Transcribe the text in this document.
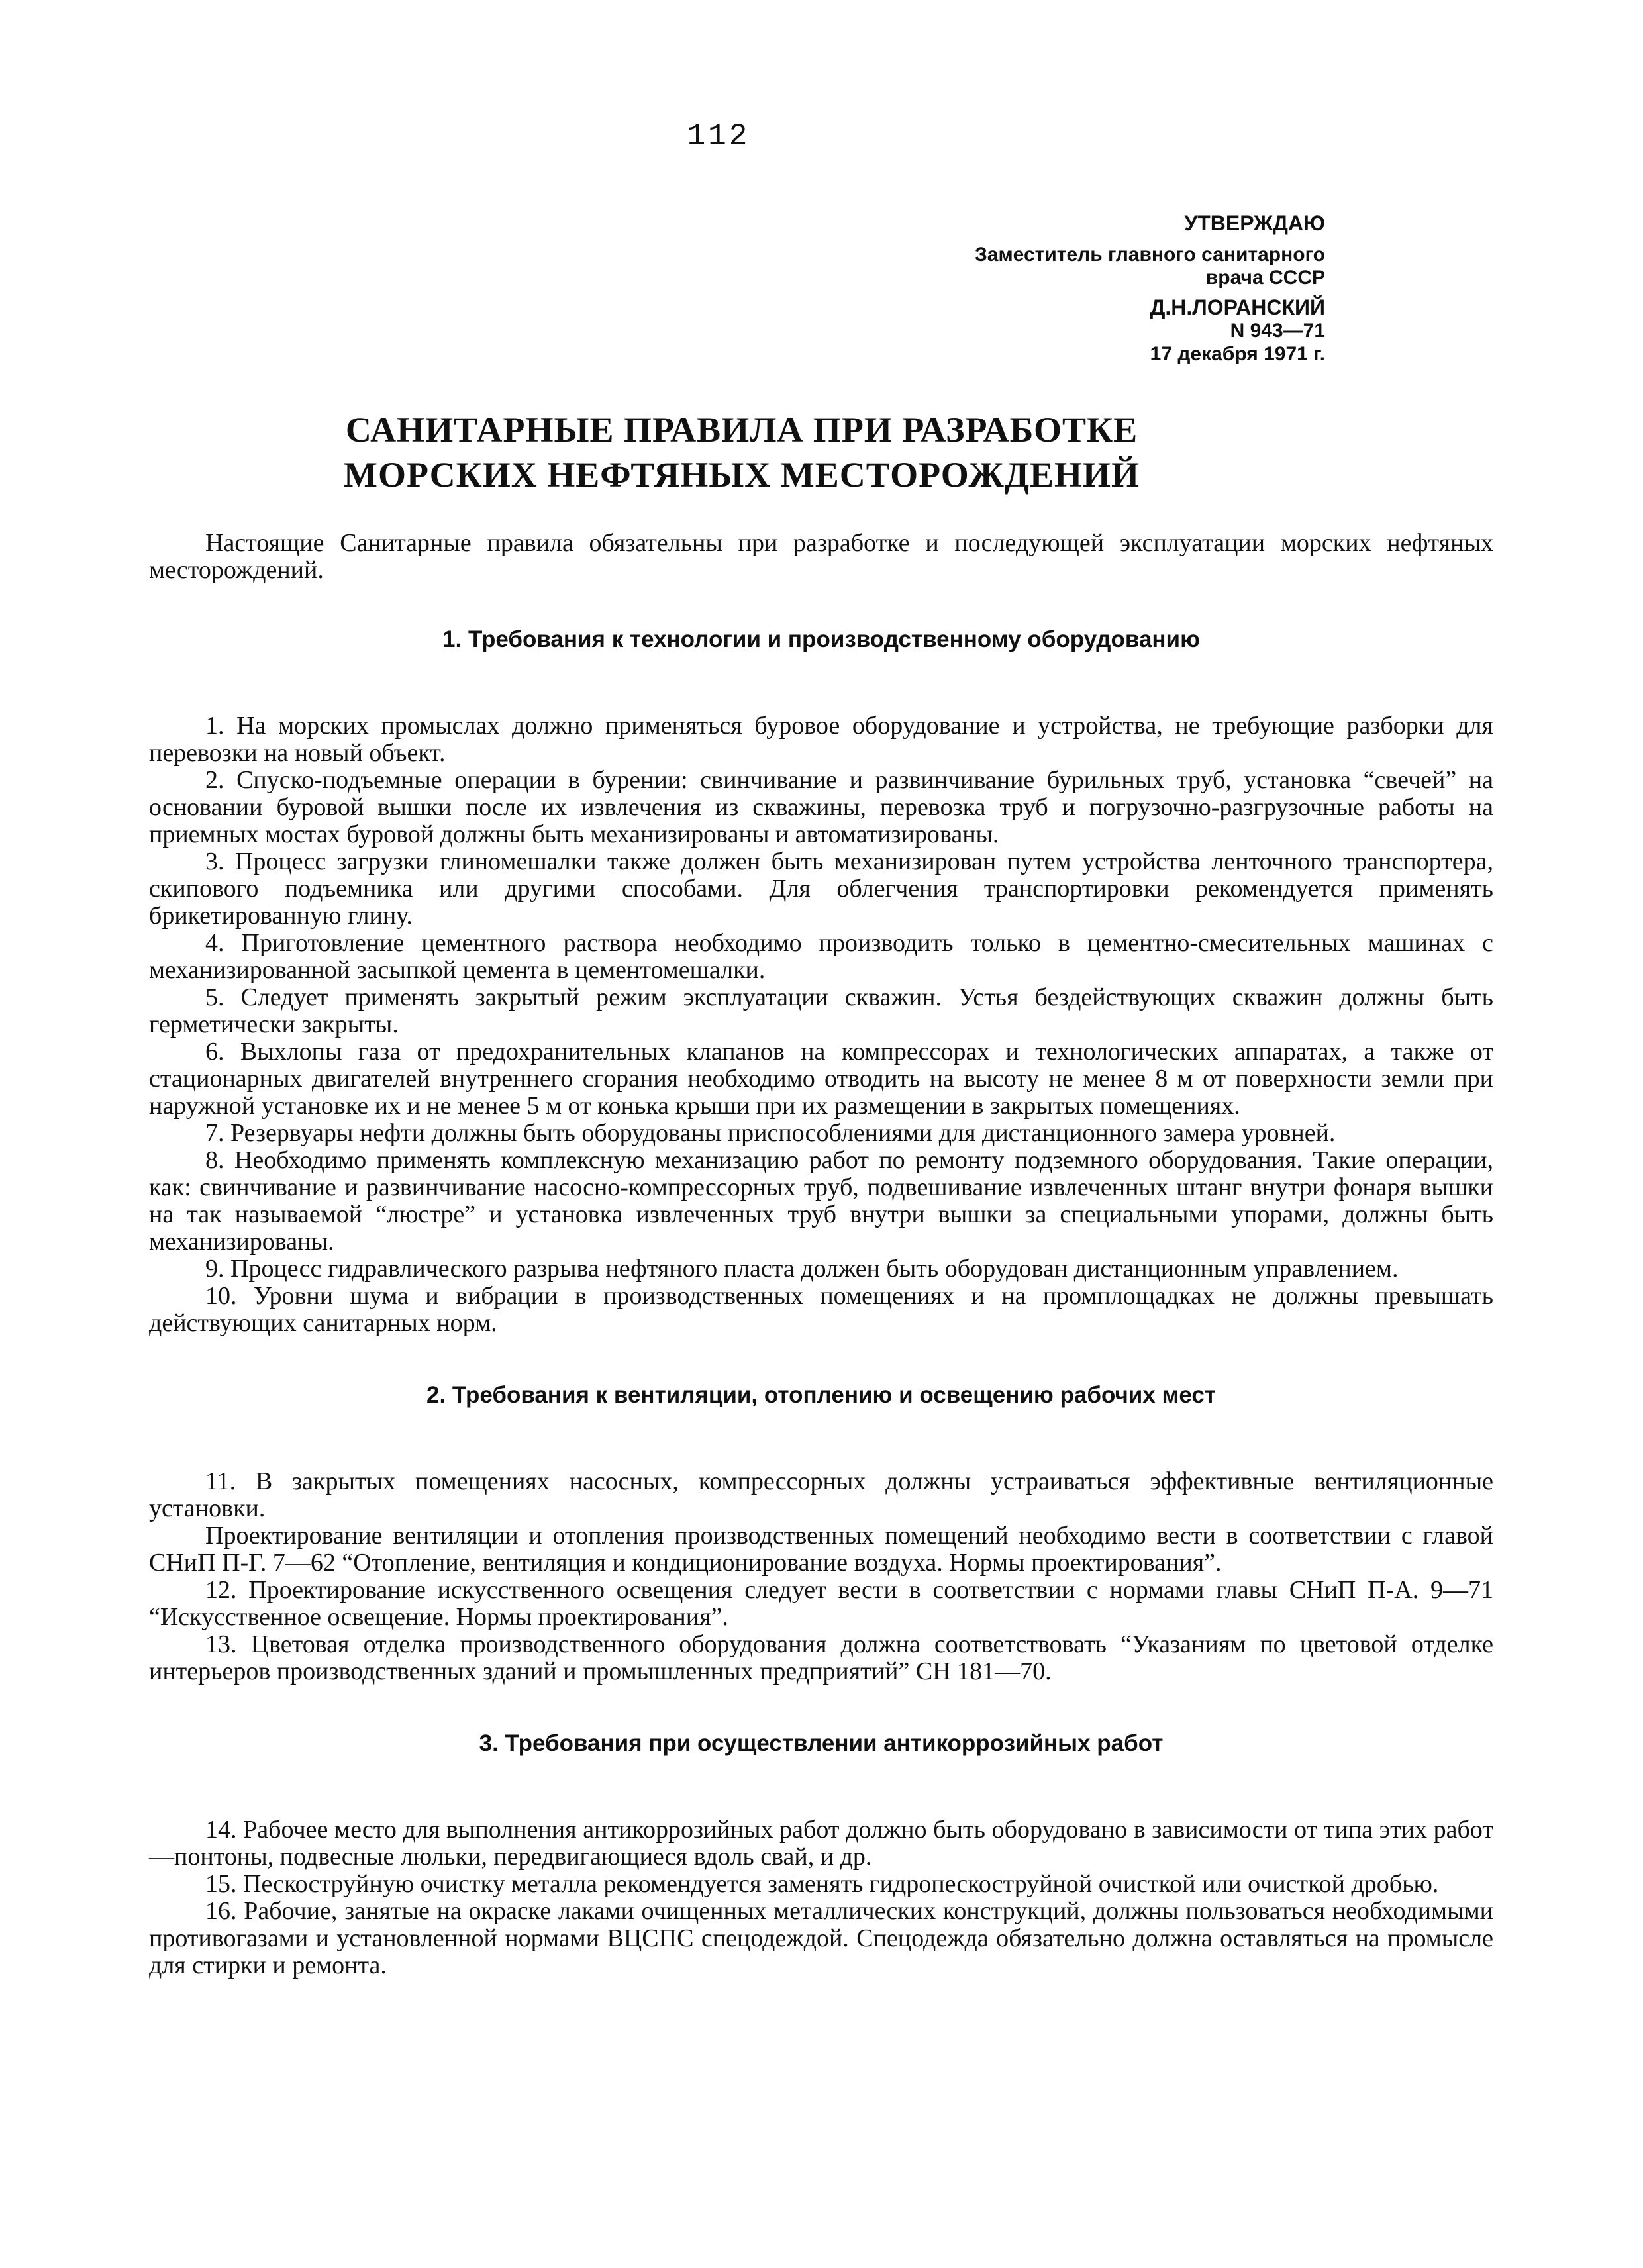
112
УТВЕРЖДАЮ
Заместитель главного санитарного
врача СССР
Д.Н.ЛОРАНСКИЙ
N 943—71
17 декабря 1971 г.
САНИТАРНЫЕ ПРАВИЛА ПРИ РАЗРАБОТКЕ
МОРСКИХ НЕФТЯНЫХ МЕСТОРОЖДЕНИЙ

Настоящие Санитарные правила обязательны при разработке и последующей эксплуатации морских нефтяных месторождений.

1. Требования к технологии и производственному оборудованию

1. На морских промыслах должно применяться буровое оборудование и устройства, не требующие разборки для перевозки на новый объект.

2. Спуско-подъемные операции в бурении: свинчивание и развинчивание бурильных труб, установка “свечей” на основании буровой вышки после их извлечения из скважины, перевозка труб и погрузочно-разгрузочные работы на приемных мостах буровой должны быть механизированы и автоматизированы.

3. Процесс загрузки глиномешалки также должен быть механизирован путем устройства ленточного транспортера, скипового подъемника или другими способами. Для облегчения транспортировки рекомендуется применять брикетированную глину.

4. Приготовление цементного раствора необходимо производить только в цементно-смесительных машинах с механизированной засыпкой цемента в цементомешалки.

5. Следует применять закрытый режим эксплуатации скважин. Устья бездействующих скважин должны быть герметически закрыты.

6. Выхлопы газа от предохранительных клапанов на компрессорах и технологических аппаратах, а также от стационарных двигателей внутреннего сгорания необходимо отводить на высоту не менее 8 м от поверхности земли при наружной установке их и не менее 5 м от конька крыши при их размещении в закрытых помещениях.

7. Резервуары нефти должны быть оборудованы приспособлениями для дистанционного замера уровней.

8. Необходимо применять комплексную механизацию работ по ремонту подземного оборудования. Такие операции, как: свинчивание и развинчивание насосно-компрессорных труб, подвешивание извлеченных штанг внутри фонаря вышки на так называемой “люстре” и установка извлеченных труб внутри вышки за специальными упорами, должны быть механизированы.

9. Процесс гидравлического разрыва нефтяного пласта должен быть оборудован дистанционным управлением.

10. Уровни шума и вибрации в производственных помещениях и на промплощадках не должны превышать действующих санитарных норм.

2. Требования к вентиляции, отоплению и освещению рабочих мест

11. В закрытых помещениях насосных, компрессорных должны устраиваться эффективные вентиляционные установки.

Проектирование вентиляции и отопления производственных помещений необходимо вести в соответствии с главой СНиП П-Г. 7—62 “Отопление, вентиляция и кондиционирование воздуха. Нормы проектирования”.

12. Проектирование искусственного освещения следует вести в соответствии с нормами главы СНиП П-А. 9—71 “Искусственное освещение. Нормы проектирования”.

13. Цветовая отделка производственного оборудования должна соответствовать “Указаниям по цветовой отделке интерьеров производственных зданий и промышленных предприятий” СН 181—70.

3. Требования при осуществлении антикоррозийных работ

14. Рабочее место для выполнения антикоррозийных работ должно быть оборудовано в зависимости от типа этих работ—понтоны, подвесные люльки, передвигающиеся вдоль свай, и др.

15. Пескоструйную очистку металла рекомендуется заменять гидропескоструйной очисткой или очисткой дробью.

16. Рабочие, занятые на окраске лаками очищенных металлических конструкций, должны пользоваться необходимыми противогазами и установленной нормами ВЦСПС спецодеждой. Спецодежда обязательно должна оставляться на промысле для стирки и ремонта.
